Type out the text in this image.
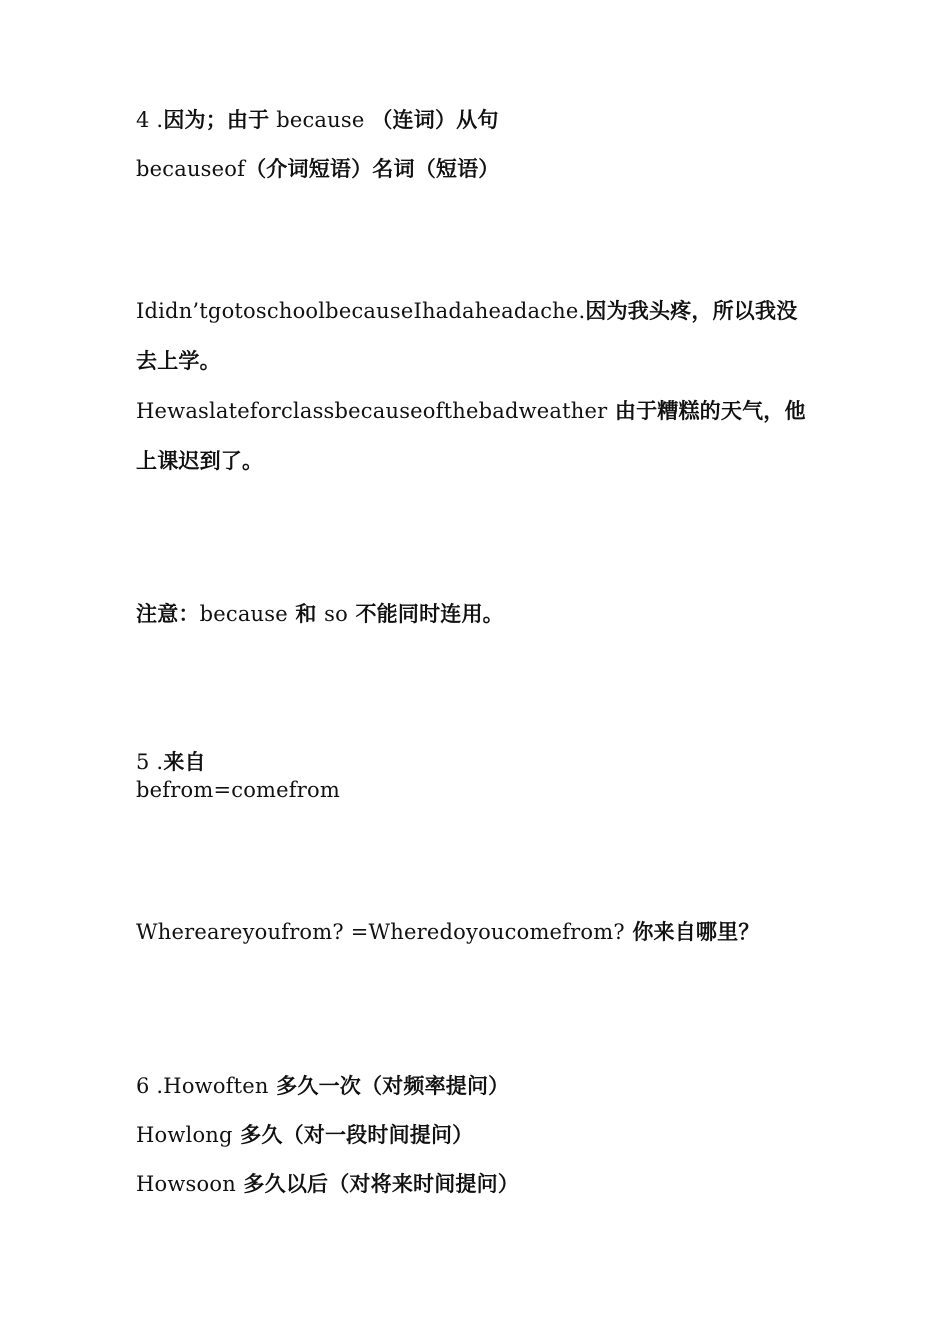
4 .因为；由于 because （连词）从句
becauseof（介词短语）名词（短语）
Ididn’tgotoschoolbecauseIhadaheadache.因为我头疼，所以我没
去上学。
Hewaslateforclassbecauseofthebadweather 由于糟糕的天气，他
上课迟到了。
注意：because 和 so 不能同时连用。
5 .来自
befrom=comefrom
Whereareyoufrom? =Wheredoyoucomefrom? 你来自哪里？
6 .Howoften 多久一次（对频率提问）
Howlong 多久（对一段时间提问）
Howsoon 多久以后（对将来时间提问）
